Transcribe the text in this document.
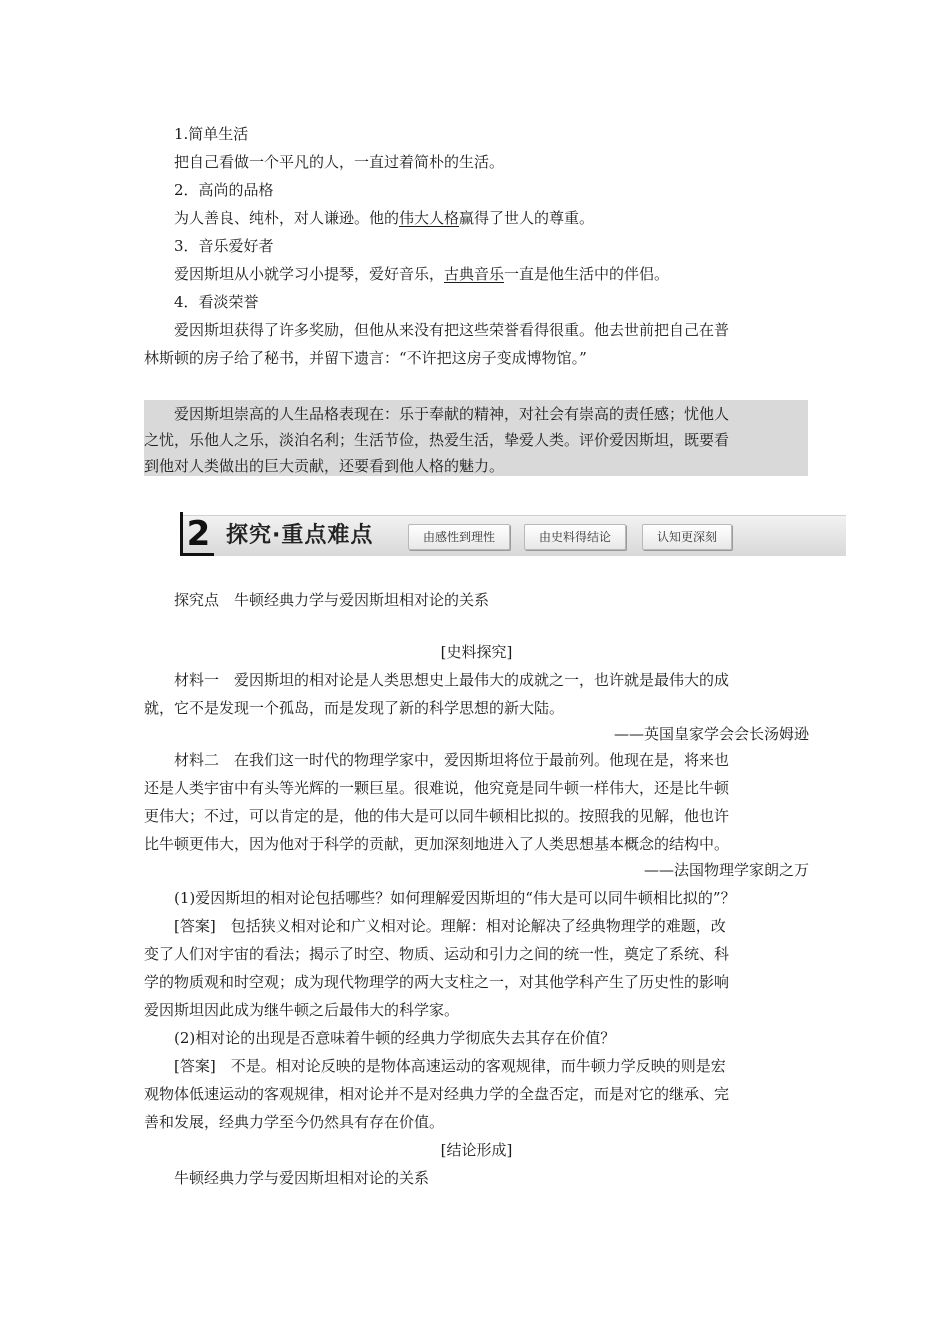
1.简单生活
把自己看做一个平凡的人，一直过着简朴的生活。
2．高尚的品格
为人善良、纯朴，对人谦逊。他的伟大人格赢得了世人的尊重。
3．音乐爱好者
爱因斯坦从小就学习小提琴，爱好音乐，古典音乐一直是他生活中的伴侣。
4．看淡荣誉
爱因斯坦获得了许多奖励，但他从来没有把这些荣誉看得很重。他去世前把自己在普
林斯顿的房子给了秘书，并留下遗言：“不许把这房子变成博物馆。”
爱因斯坦崇高的人生品格表现在：乐于奉献的精神，对社会有崇高的责任感；忧他人
之忧，乐他人之乐，淡泊名利；生活节俭，热爱生活，挚爱人类。评价爱因斯坦，既要看
到他对人类做出的巨大贡献，还要看到他人格的魅力。
2 探究·重点难点	由感性到理性	由史料得结论	认知更深刻
探究点　牛顿经典力学与爱因斯坦相对论的关系
[史料探究]
材料一　爱因斯坦的相对论是人类思想史上最伟大的成就之一，也许就是最伟大的成
就，它不是发现一个孤岛，而是发现了新的科学思想的新大陆。
——英国皇家学会会长汤姆逊
材料二　在我们这一时代的物理学家中，爱因斯坦将位于最前列。他现在是，将来也
还是人类宇宙中有头等光辉的一颗巨星。很难说，他究竟是同牛顿一样伟大，还是比牛顿
更伟大；不过，可以肯定的是，他的伟大是可以同牛顿相比拟的。按照我的见解，他也许
比牛顿更伟大，因为他对于科学的贡献，更加深刻地进入了人类思想基本概念的结构中。
——法国物理学家朗之万
(1)爱因斯坦的相对论包括哪些？如何理解爱因斯坦的“伟大是可以同牛顿相比拟的”？
[答案]　包括狭义相对论和广义相对论。理解：相对论解决了经典物理学的难题，改
变了人们对宇宙的看法；揭示了时空、物质、运动和引力之间的统一性，奠定了系统、科
学的物质观和时空观；成为现代物理学的两大支柱之一，对其他学科产生了历史性的影响
爱因斯坦因此成为继牛顿之后最伟大的科学家。
(2)相对论的出现是否意味着牛顿的经典力学彻底失去其存在价值？
[答案]　不是。相对论反映的是物体高速运动的客观规律，而牛顿力学反映的则是宏
观物体低速运动的客观规律，相对论并不是对经典力学的全盘否定，而是对它的继承、完
善和发展，经典力学至今仍然具有存在价值。
[结论形成]
牛顿经典力学与爱因斯坦相对论的关系
